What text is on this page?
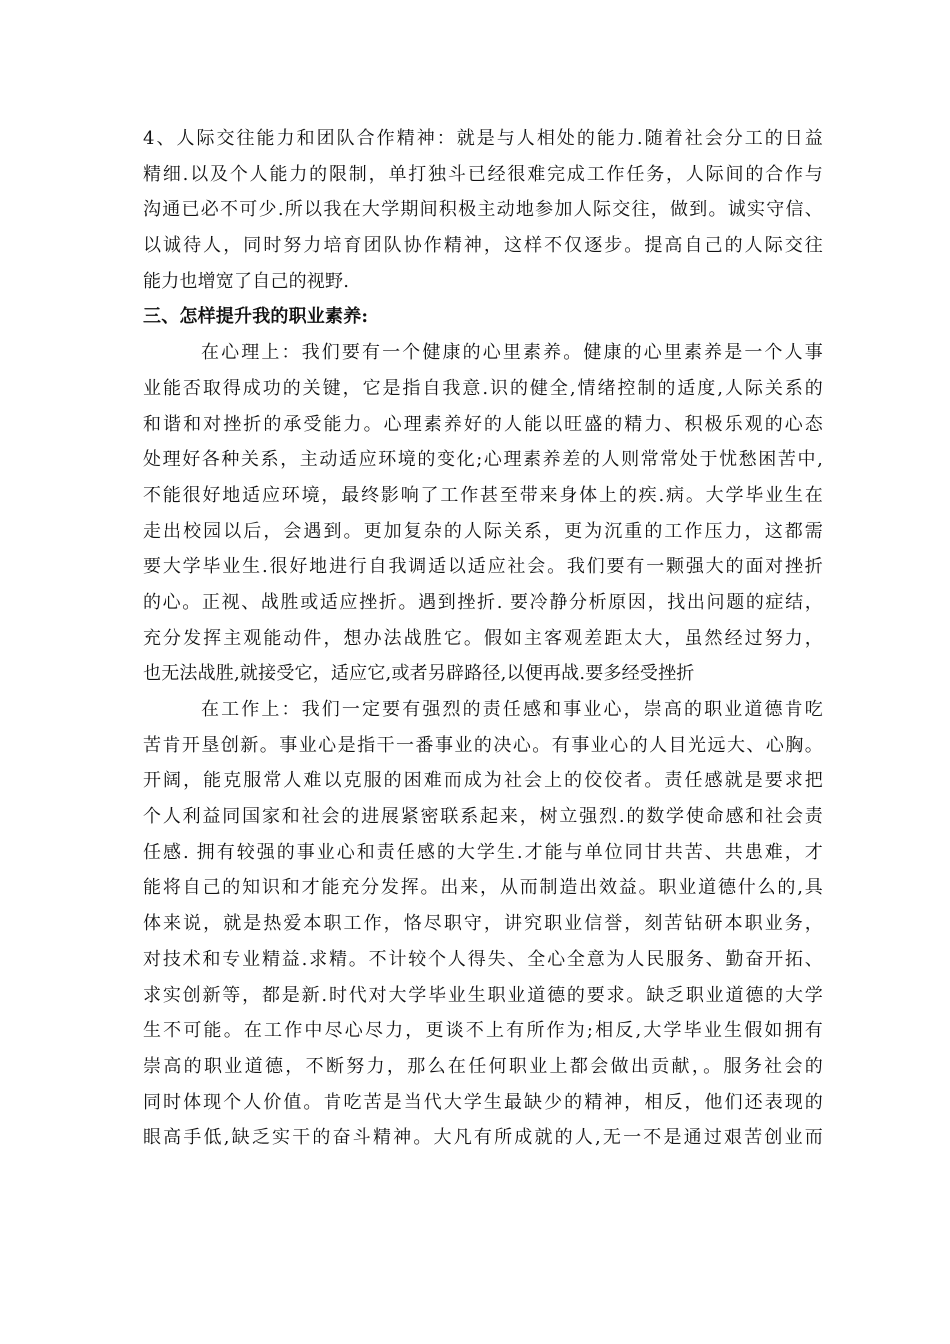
4、人际交往能力和团队合作精神：就是与人相处的能力.随着社会分工的日益
精细.以及个人能力的限制，单打独斗已经很难完成工作任务，人际间的合作与
沟通已必不可少.所以我在大学期间积极主动地参加人际交往，做到。诚实守信、
以诚待人，同时努力培育团队协作精神，这样不仅逐步。提高自己的人际交往
能力也增宽了自己的视野.
三、怎样提升我的职业素养:
在心理上：我们要有一个健康的心里素养。健康的心里素养是一个人事
业能否取得成功的关键，它是指自我意.识的健全,情绪控制的适度,人际关系的
和谐和对挫折的承受能力。心理素养好的人能以旺盛的精力、积极乐观的心态
处理好各种关系，主动适应环境的变化;心理素养差的人则常常处于忧愁困苦中,
不能很好地适应环境，最终影响了工作甚至带来身体上的疾.病。大学毕业生在
走出校园以后，会遇到。更加复杂的人际关系，更为沉重的工作压力，这都需
要大学毕业生.很好地进行自我调适以适应社会。我们要有一颗强大的面对挫折
的心。正视、战胜或适应挫折。遇到挫折. 要冷静分析原因，找出问题的症结，
充分发挥主观能动件，想办法战胜它。假如主客观差距太大，虽然经过努力，
也无法战胜,就接受它，适应它,或者另辟路径,以便再战.要多经受挫折
在工作上：我们一定要有强烈的责任感和事业心，崇高的职业道德肯吃
苦肯开垦创新。事业心是指干一番事业的决心。有事业心的人目光远大、心胸。
开阔，能克服常人难以克服的困难而成为社会上的佼佼者。责任感就是要求把
个人利益同国家和社会的进展紧密联系起来，树立强烈.的数学使命感和社会责
任感. 拥有较强的事业心和责任感的大学生.才能与单位同甘共苦、共患难，才
能将自己的知识和才能充分发挥。出来，从而制造出效益。职业道德什么的,具
体来说，就是热爱本职工作，恪尽职守，讲究职业信誉，刻苦钻研本职业务，
对技术和专业精益.求精。不计较个人得失、全心全意为人民服务、勤奋开拓、
求实创新等，都是新.时代对大学毕业生职业道德的要求。缺乏职业道德的大学
生不可能。在工作中尽心尽力，更谈不上有所作为;相反,大学毕业生假如拥有
崇高的职业道德，不断努力，那么在任何职业上都会做出贡献，。服务社会的
同时体现个人价值。肯吃苦是当代大学生最缺少的精神，相反，他们还表现的
眼高手低,缺乏实干的奋斗精神。大凡有所成就的人,无一不是通过艰苦创业而
